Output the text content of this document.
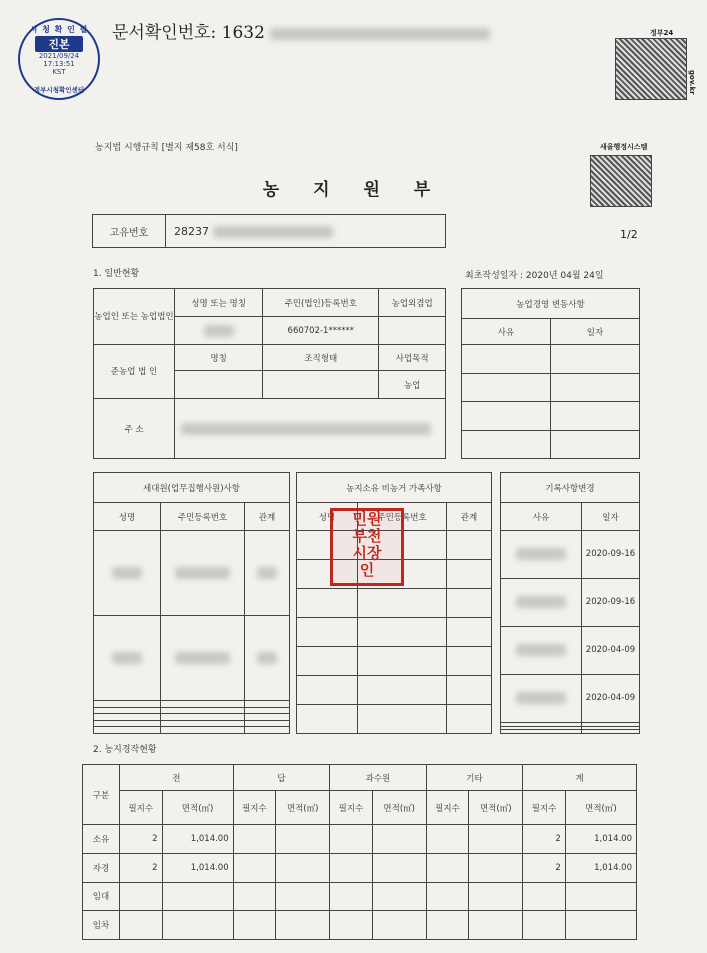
문서확인번호: 1632
시 청 확 인 필
진본
2021/09/24
17:13:51
KST
정부시청확인센터
정부24
gov.kr
새올행정시스템
농지법 시행규칙 [별지 제58호 서식]
농 지 원 부
고유번호	28237	1/2
1. 일반현황	최초작성일자 : 2020년 04월 24일
농업인 또는 농업법인	성명 또는 명칭	주민(법인)등록번호	농업외겸업
		660702-1******	
준농업 법 인	명칭	조직형태	사업목적
			농업
주 소			
농업경영 변동사항	
사유	일자

세대원(업무집행사원)사항		
성명	주민등록번호	관계

농지소유 비농거 가족사항		
성명	주민등록번호	관계

기록사항변경	
사유	일자
	2020-09-16
	2020-09-16
	2020-04-09
	2020-04-09

민원
부천
시장
인
2. 농지경작현황
구분	전		답		과수원		기타		계	
	필지수	면적(㎡)	필지수	면적(㎡)	필지수	면적(㎡)	필지수	면적(㎡)	필지수	면적(㎡)
소유	2	1,014.00							2	1,014.00
자경	2	1,014.00							2	1,014.00
임대										
임차										
